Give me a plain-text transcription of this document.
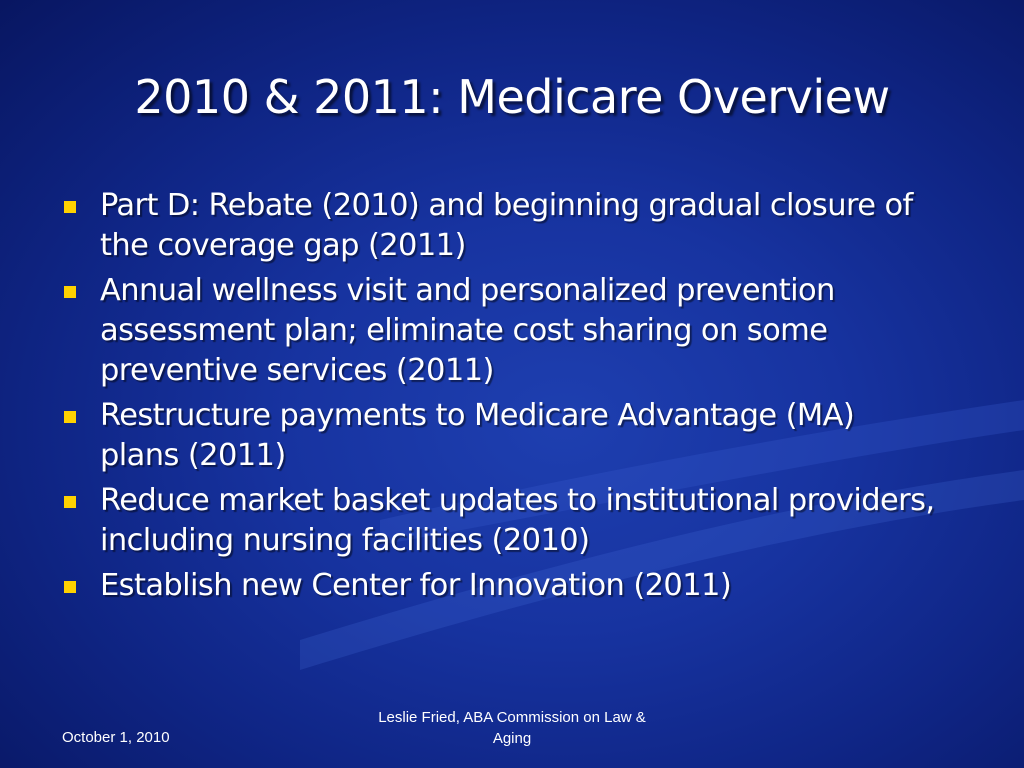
2010 & 2011: Medicare Overview
Part D: Rebate (2010) and beginning gradual closure of the coverage gap (2011)
Annual wellness visit and personalized prevention assessment plan; eliminate cost sharing on some preventive services (2011)
Restructure payments to Medicare Advantage (MA) plans (2011)
Reduce market basket updates to institutional providers, including nursing facilities (2010)
Establish new Center for Innovation (2011)
October 1, 2010
Leslie Fried, ABA Commission on Law & Aging
